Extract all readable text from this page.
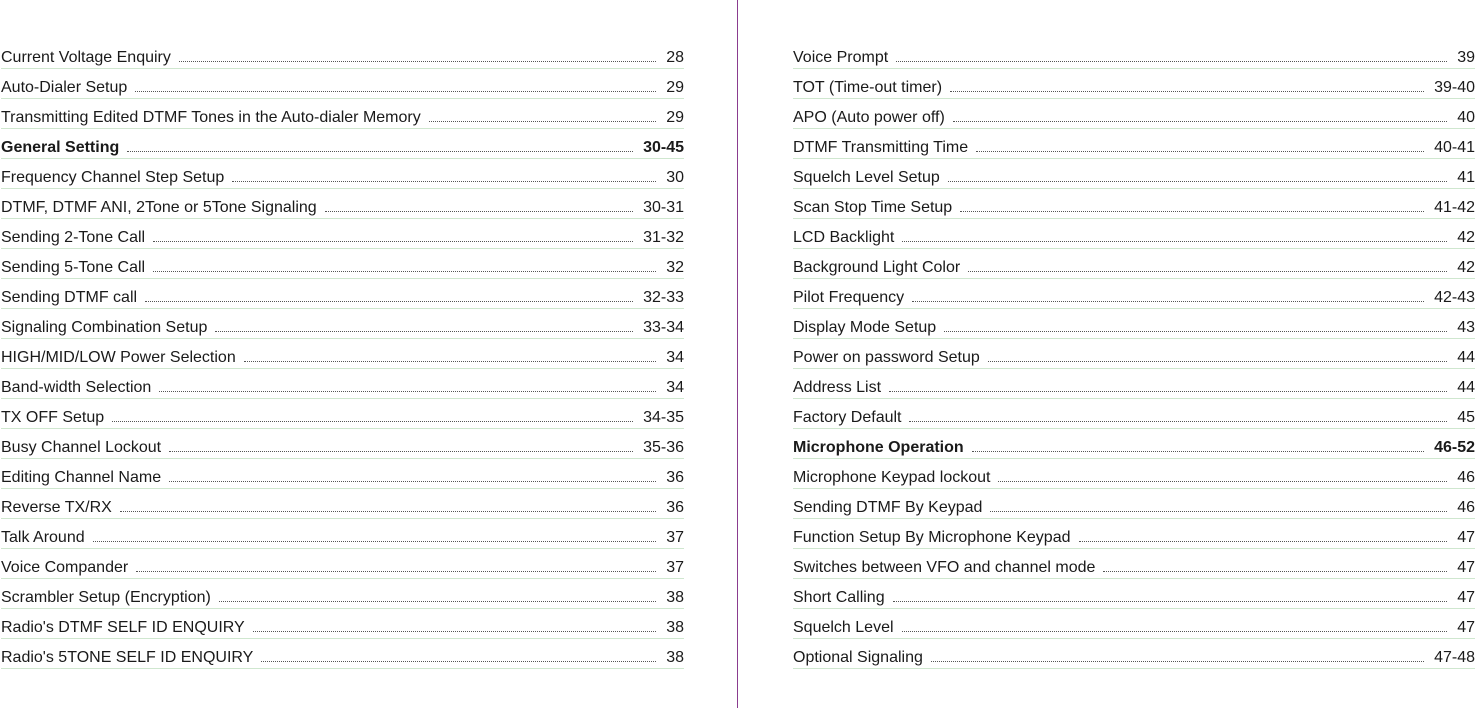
Current Voltage Enquiry	28
Auto-Dialer Setup	29
Transmitting Edited DTMF Tones in the Auto-dialer Memory	29
General Setting	30-45
Frequency Channel Step Setup	30
DTMF, DTMF ANI, 2Tone or 5Tone Signaling	30-31
Sending 2-Tone Call	31-32
Sending 5-Tone Call	32
Sending DTMF call	32-33
Signaling Combination Setup	33-34
HIGH/MID/LOW Power Selection	34
Band-width Selection	34
TX OFF Setup	34-35
Busy Channel Lockout	35-36
Editing Channel Name	36
Reverse TX/RX	36
Talk Around	37
Voice Compander	37
Scrambler Setup (Encryption)	38
Radio's DTMF SELF ID ENQUIRY	38
Radio's 5TONE SELF ID ENQUIRY	38
Voice Prompt	39
TOT (Time-out timer)	39-40
APO (Auto power off)	40
DTMF Transmitting Time	40-41
Squelch Level Setup	41
Scan Stop Time Setup	41-42
LCD Backlight	42
Background Light Color	42
Pilot Frequency	42-43
Display Mode Setup	43
Power on password Setup	44
Address List	44
Factory Default	45
Microphone Operation	46-52
Microphone Keypad lockout	46
Sending DTMF By Keypad	46
Function Setup By Microphone Keypad	47
Switches between VFO and channel mode	47
Short Calling	47
Squelch Level	47
Optional Signaling	47-48
